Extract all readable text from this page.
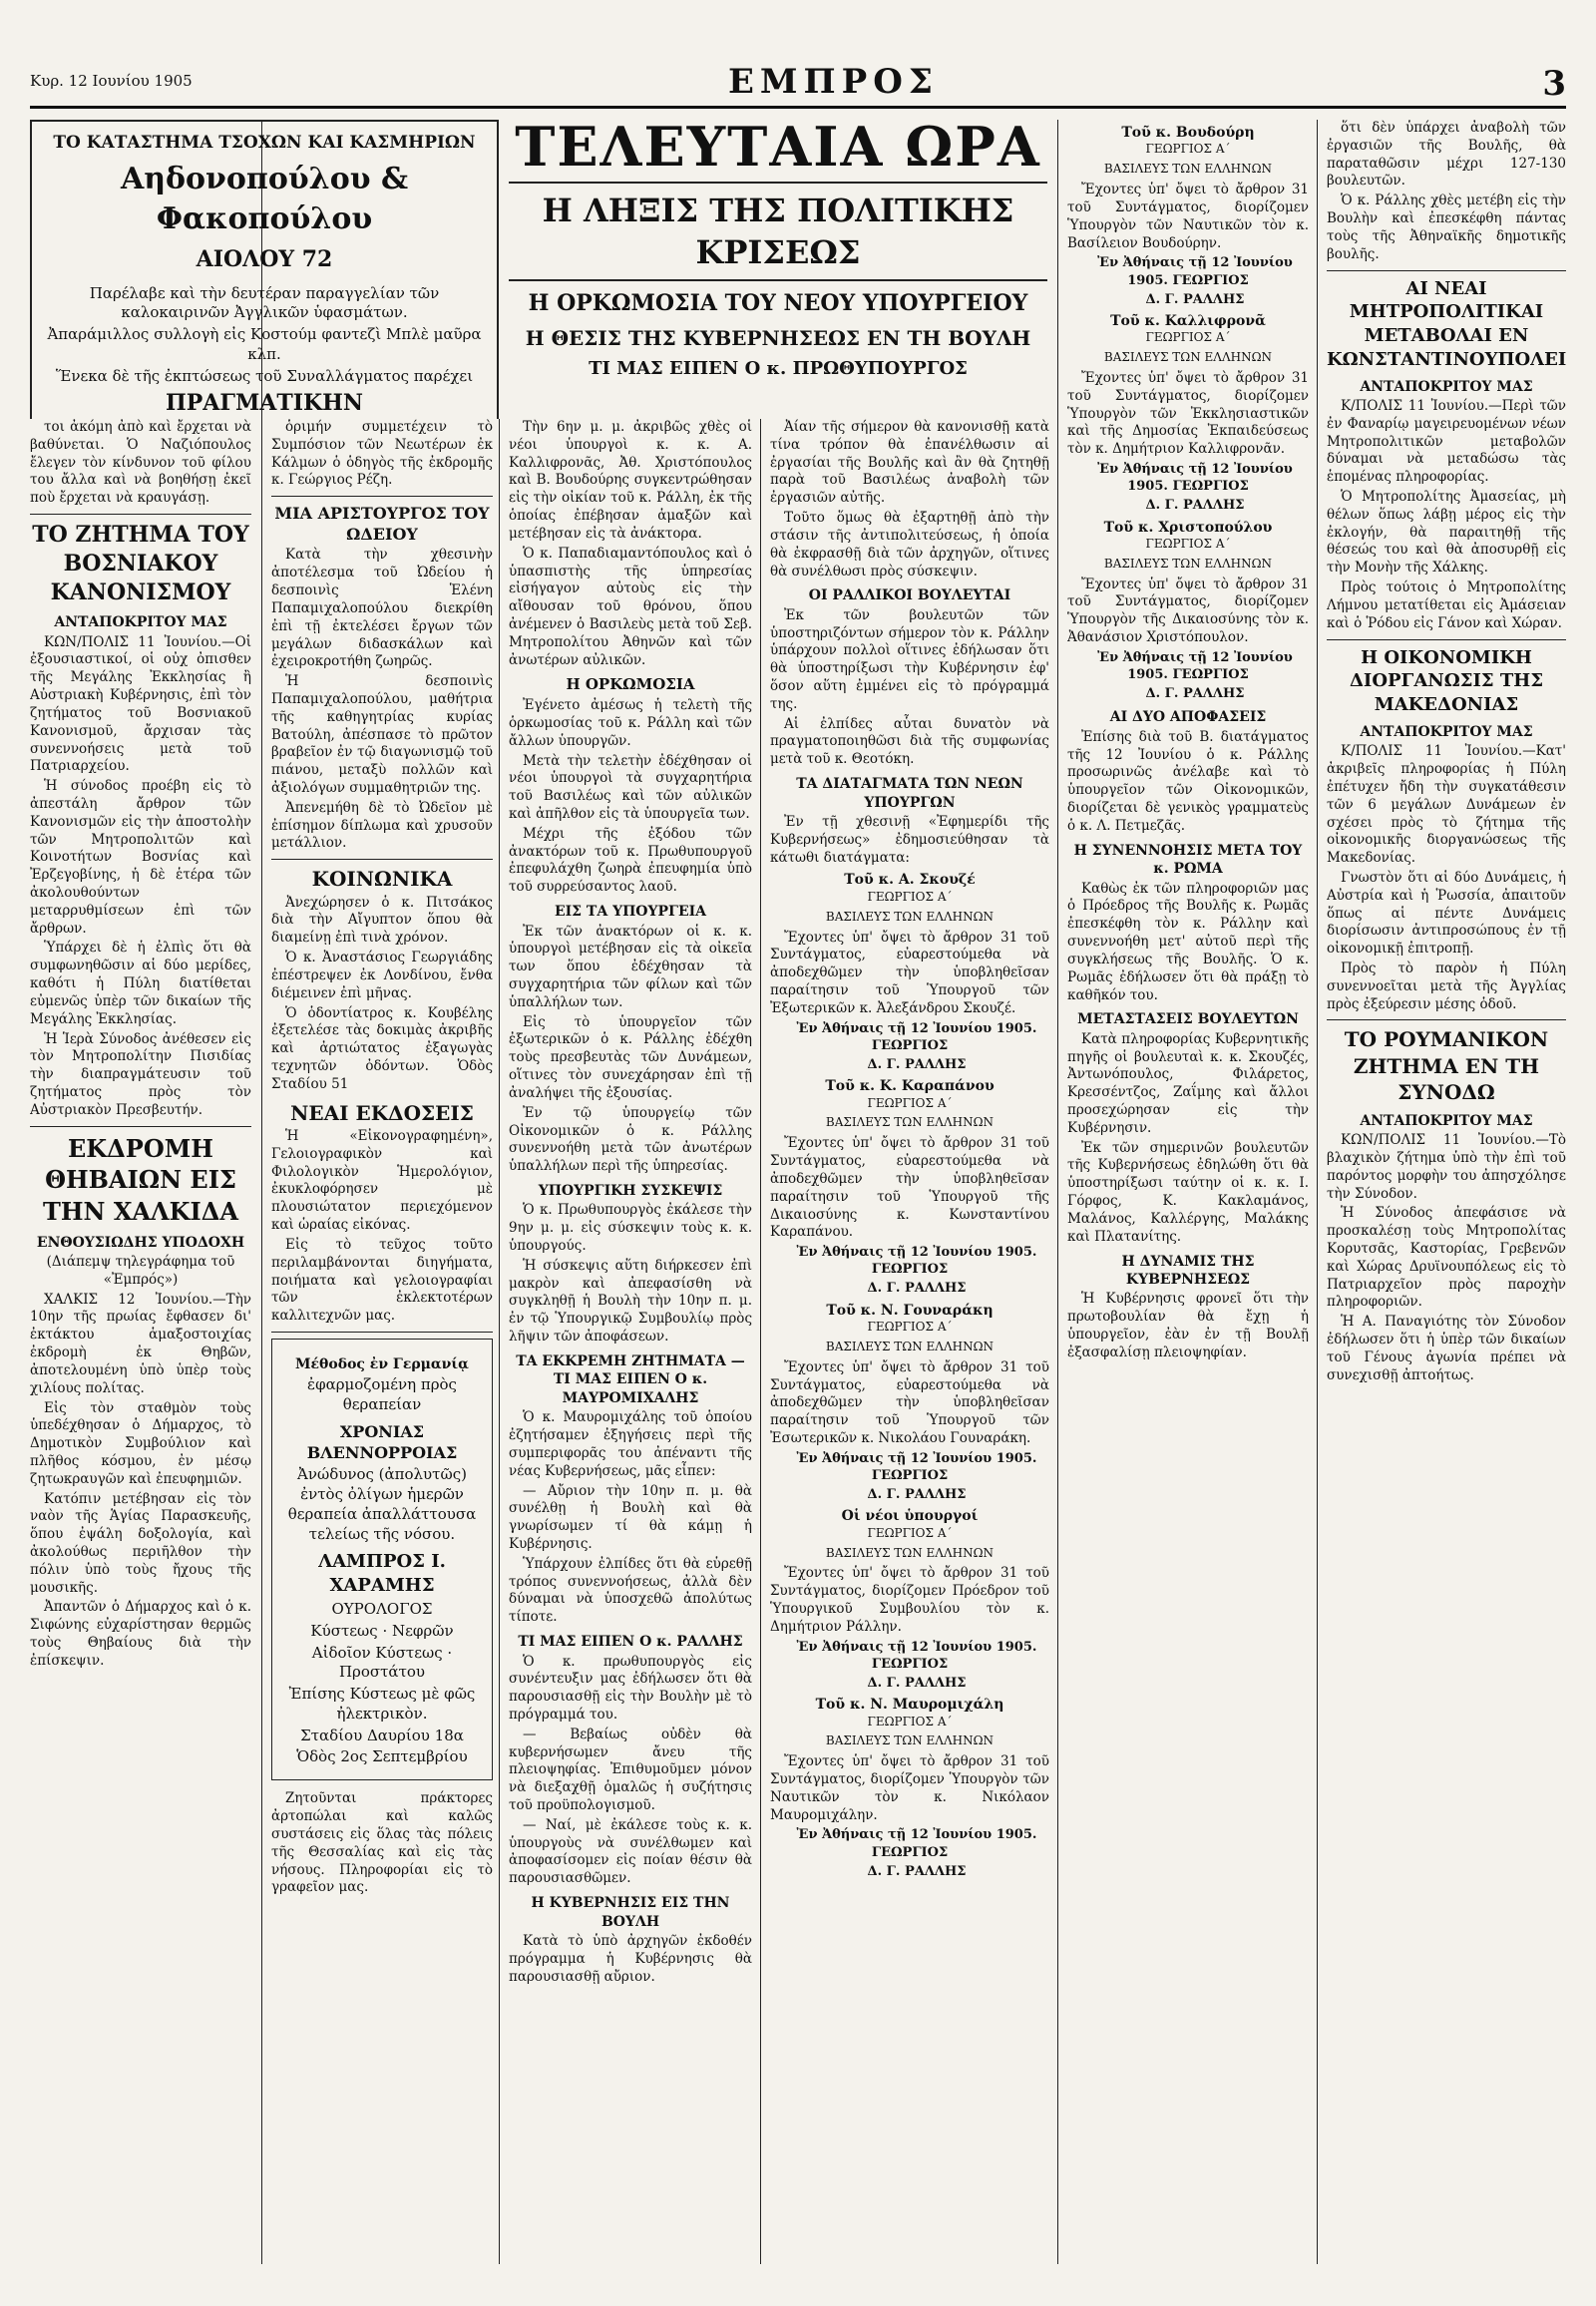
Κυρ. 12 Ιουνίου 1905	ΕΜΠΡΟΣ	3
ΤΟ ΚΑΤΑΣΤΗΜΑ ΤΣΟΧΩΝ ΚΑΙ ΚΑΣΜΗΡΙΩΝ
Αηδονοπούλου & Φακοπούλου
ΑΙΟΛΟΥ 72

Παρέλαβε καὶ τὴν δευτέραν παραγγελίαν τῶν καλοκαιρινῶν Ἀγγλικῶν ὑφασμάτων.

Ἀπαράμιλλος συλλογὴ εἰς Κοστούμ φαντεζὶ Μπλὲ μαῦρα κλπ.

Ἕνεκα δὲ τῆς ἐκπτώσεως τοῦ Συναλλάγματος παρέχει

ΠΡΑΓΜΑΤΙΚΗΝ

τοι ἀκόμη ἀπὸ καὶ ἔρχεται νὰ βαθύνεται. Ὁ Ναζιόπουλος ἔλεγεν τὸν κίνδυνον τοῦ φίλου του ἄλλα καὶ νὰ βοηθήσῃ ἐκεῖ ποὺ ἔρχεται νὰ κραυγάσῃ.

ΤΟ ΖΗΤΗΜΑ ΤΟΥ ΒΟΣΝΙΑΚΟΥ ΚΑΝΟΝΙΣΜΟΥ
ΑΝΤΑΠΟΚΡΙΤΟΥ ΜΑΣ

ΚΩΝ/ΠΟΛΙΣ 11 Ἰουνίου.—Οἱ ἐξουσιαστικοί, οἱ οὐχ ὀπισθεν τῆς Μεγάλης Ἐκκλησίας ἢ Αὐστριακὴ Κυβέρνησις, ἐπὶ τὸν ζητήματος τοῦ Βοσνιακοῦ Κανονισμοῦ, ἄρχισαν τὰς συνεννοήσεις μετὰ τοῦ Πατριαρχείου.

Ἡ σύνοδος προέβη εἰς τὸ ἀπεστάλη ἄρθρον τῶν Κανονισμῶν εἰς τὴν ἀποστολὴν τῶν Μητροπολιτῶν καὶ Κοινοτήτων Βοσνίας καὶ Ἐρζεγοβίνης, ἡ δὲ ἑτέρα τῶν ἀκολουθούντων μεταρρυθμίσεων ἐπὶ τῶν ἄρθρων.

Ὑπάρχει δὲ ἡ ἐλπὶς ὅτι θὰ συμφωνηθῶσιν αἱ δύο μερίδες, καθότι ἡ Πύλη διατίθεται εὐμενῶς ὑπὲρ τῶν δικαίων τῆς Μεγάλης Ἐκκλησίας.

Ἡ Ἱερὰ Σύνοδος ἀνέθεσεν εἰς τὸν Μητροπολίτην Πισιδίας τὴν διαπραγμάτευσιν τοῦ ζητήματος πρὸς τὸν Αὐστριακὸν Πρεσβευτήν.

ΕΚΔΡΟΜΗ ΘΗΒΑΙΩΝ ΕΙΣ ΤΗΝ ΧΑΛΚΙΔΑ
ΕΝΘΟΥΣΙΩΔΗΣ ΥΠΟΔΟΧΗ

(Διάπεμψ τηλεγράφημα τοῦ «Ἐμπρός»)

ΧΑΛΚΙΣ 12 Ἰουνίου.—Τὴν 10ην τῆς πρωίας ἔφθασεν δι' ἐκτάκτου ἁμαξοστοιχίας ἐκδρομὴ ἐκ Θηβῶν, ἀποτελουμένη ὑπὸ ὑπὲρ τοὺς χιλίους πολίτας.

Εἰς τὸν σταθμὸν τοὺς ὑπεδέχθησαν ὁ Δήμαρχος, τὸ Δημοτικὸν Συμβούλιον καὶ πλῆθος κόσμου, ἐν μέσῳ ζητωκραυγῶν καὶ ἐπευφημιῶν.

Κατόπιν μετέβησαν εἰς τὸν ναὸν τῆς Ἁγίας Παρασκευῆς, ὅπου ἐψάλη δοξολογία, καὶ ἀκολούθως περιῆλθον τὴν πόλιν ὑπὸ τοὺς ἤχους τῆς μουσικῆς.

Ἀπαντῶν ὁ Δήμαρχος καὶ ὁ κ. Σιφώνης εὐχαρίστησαν θερμῶς τοὺς Θηβαίους διὰ τὴν ἐπίσκεψιν.

ὁριμήν συμμετέχειν τὸ Συμπόσιον τῶν Νεωτέρων ἐκ Κάλμων ὁ ὁδηγὸς τῆς ἐκδρομῆς κ. Γεώργιος Ρέζη.

ΜΙΑ ΑΡΙΣΤΟΥΡΓΟΣ ΤΟΥ ΩΔΕΙΟΥ

Κατὰ τὴν χθεσινὴν ἀποτέλεσμα τοῦ Ὠδείου ἡ δεσποινὶς Ἑλένη Παπαμιχαλοπούλου διεκρίθη ἐπὶ τῇ ἐκτελέσει ἔργων τῶν μεγάλων διδασκάλων καὶ ἐχειροκροτήθη ζωηρῶς.

Ἡ δεσποινὶς Παπαμιχαλοπούλου, μαθήτρια τῆς καθηγητρίας κυρίας Βατούλη, ἀπέσπασε τὸ πρῶτον βραβεῖον ἐν τῷ διαγωνισμῷ τοῦ πιάνου, μεταξὺ πολλῶν καὶ ἀξιολόγων συμμαθητριῶν της.

Ἀπενεμήθη δὲ τὸ Ὠδεῖον μὲ ἐπίσημον δίπλωμα καὶ χρυσοῦν μετάλλιον.

ΚΟΙΝΩΝΙΚΑ

Ἀνεχώρησεν ὁ κ. Πιτσάκος διὰ τὴν Αἴγυπτον ὅπου θὰ διαμείνῃ ἐπὶ τινὰ χρόνον.

Ὁ κ. Ἀναστάσιος Γεωργιάδης ἐπέστρεψεν ἐκ Λονδίνου, ἔνθα διέμεινεν ἐπὶ μῆνας.

Ὁ ὁδοντίατρος κ. Κουβέλης ἐξετελέσε τὰς δοκιμὰς ἀκριβῆς καὶ ἀρτιώτατος ἐξαγωγὰς τεχνητῶν ὀδόντων. Ὁδὸς Σταδίου 51

ΝΕΑΙ ΕΚΔΟΣΕΙΣ

Ἡ «Εἰκονογραφημένη», Γελοιογραφικὸν καὶ Φιλολογικὸν Ἡμερολόγιον, ἐκυκλοφόρησεν μὲ πλουσιώτατον περιεχόμενον καὶ ὡραίας εἰκόνας.

Εἰς τὸ τεῦχος τοῦτο περιλαμβάνονται διηγήματα, ποιήματα καὶ γελοιογραφίαι τῶν ἐκλεκτοτέρων καλλιτεχνῶν μας.

Μέθοδος ἐν Γερμανίᾳ

ἐφαρμοζομένη πρὸς θεραπείαν

ΧΡΟΝΙΑΣ ΒΛΕΝΝΟΡΡΟΙΑΣ

Ἀνώδυνος (ἀπολυτῶς) ἐντὸς ὀλίγων ἡμερῶν θεραπεία ἀπαλλάττουσα τελείως τῆς νόσου.

ΛΑΜΠΡΟΣ Ι. ΧΑΡΑΜΗΣ

ΟΥΡΟΛΟΓΟΣ

Κύστεως · Νεφρῶν

Αἰδοῖον Κύστεως · Προστάτου

Ἐπίσης Κύστεως μὲ φῶς ἠλεκτρικὸν.

Σταδίου Δαυρίου 18α

Ὁδὸς 2ος Σεπτεμβρίου

Ζητοῦνται πράκτορες ἀρτοπώλαι καὶ καλῶς συστάσεις εἰς ὅλας τὰς πόλεις τῆς Θεσσαλίας καὶ εἰς τὰς νήσους. Πληροφορίαι εἰς τὸ γραφεῖον μας.

ΤΕΛΕΥΤΑΙΑ ΩΡΑ
Η ΛΗΞΙΣ ΤΗΣ ΠΟΛΙΤΙΚΗΣ ΚΡΙΣΕΩΣ
Η ΟΡΚΩΜΟΣΙΑ ΤΟΥ ΝΕΟΥ ΥΠΟΥΡΓΕΙΟΥ
Η ΘΕΣΙΣ ΤΗΣ ΚΥΒΕΡΝΗΣΕΩΣ ΕΝ ΤΗ ΒΟΥΛΗ
ΤΙ ΜΑΣ ΕΙΠΕΝ Ο κ. ΠΡΩΘΥΠΟΥΡΓΟΣ

Τὴν 6ην μ. μ. ἀκριβῶς χθὲς οἱ νέοι ὑπουργοὶ κ. κ. Α. Καλλιφρονᾶς, Ἀθ. Χριστόπουλος καὶ Β. Βουδούρης συγκεντρώθησαν εἰς τὴν οἰκίαν τοῦ κ. Ράλλη, ἐκ τῆς ὁποίας ἐπέβησαν ἁμαξῶν καὶ μετέβησαν εἰς τὰ ἀνάκτορα.

Ὁ κ. Παπαδιαμαντόπουλος καὶ ὁ ὑπασπιστὴς τῆς ὑπηρεσίας εἰσήγαγον αὐτοὺς εἰς τὴν αἴθουσαν τοῦ θρόνου, ὅπου ἀνέμενεν ὁ Βασιλεὺς μετὰ τοῦ Σεβ. Μητροπολίτου Ἀθηνῶν καὶ τῶν ἀνωτέρων αὐλικῶν.

Η ΟΡΚΩΜΟΣΙΑ

Ἐγένετο ἀμέσως ἡ τελετὴ τῆς ὁρκωμοσίας τοῦ κ. Ράλλη καὶ τῶν ἄλλων ὑπουργῶν.

Μετὰ τὴν τελετὴν ἐδέχθησαν οἱ νέοι ὑπουργοὶ τὰ συγχαρητήρια τοῦ Βασιλέως καὶ τῶν αὐλικῶν καὶ ἀπῆλθον εἰς τὰ ὑπουργεῖα των.

Μέχρι τῆς ἐξόδου τῶν ἀνακτόρων τοῦ κ. Πρωθυπουργοῦ ἐπεφυλάχθη ζωηρὰ ἐπευφημία ὑπὸ τοῦ συρρεύσαντος λαοῦ.

ΕΙΣ ΤΑ ΥΠΟΥΡΓΕΙΑ

Ἐκ τῶν ἀνακτόρων οἱ κ. κ. ὑπουργοὶ μετέβησαν εἰς τὰ οἰκεῖα των ὅπου ἐδέχθησαν τὰ συγχαρητήρια τῶν φίλων καὶ τῶν ὑπαλλήλων των.

Εἰς τὸ ὑπουργεῖον τῶν ἐξωτερικῶν ὁ κ. Ράλλης ἐδέχθη τοὺς πρεσβευτὰς τῶν Δυνάμεων, οἵτινες τὸν συνεχάρησαν ἐπὶ τῇ ἀναλήψει τῆς ἐξουσίας.

Ἐν τῷ ὑπουργείῳ τῶν Οἰκονομικῶν ὁ κ. Ράλλης συνεννοήθη μετὰ τῶν ἀνωτέρων ὑπαλλήλων περὶ τῆς ὑπηρεσίας.

ΥΠΟΥΡΓΙΚΗ ΣΥΣΚΕΨΙΣ

Ὁ κ. Πρωθυπουργὸς ἐκάλεσε τὴν 9ην μ. μ. εἰς σύσκεψιν τοὺς κ. κ. ὑπουργούς.

Ἡ σύσκεψις αὕτη διήρκεσεν ἐπὶ μακρὸν καὶ ἀπεφασίσθη νὰ συγκληθῇ ἡ Βουλὴ τὴν 10ην π. μ. ἐν τῷ Ὑπουργικῷ Συμβουλίῳ πρὸς λῆψιν τῶν ἀποφάσεων.

ΤΑ ΕΚΚΡΕΜΗ ΖΗΤΗΜΑΤΑ — ΤΙ ΜΑΣ ΕΙΠΕΝ Ο κ. ΜΑΥΡΟΜΙΧΑΛΗΣ

Ὁ κ. Μαυρομιχάλης τοῦ ὁποίου ἐζητήσαμεν ἐξηγήσεις περὶ τῆς συμπεριφορᾶς του ἀπέναντι τῆς νέας Κυβερνήσεως, μᾶς εἶπεν:

— Αὔριον τὴν 10ην π. μ. θὰ συνέλθῃ ἡ Βουλὴ καὶ θὰ γνωρίσωμεν τί θὰ κάμῃ ἡ Κυβέρνησις.

Ὑπάρχουν ἐλπίδες ὅτι θὰ εὑρεθῇ τρόπος συνεννοήσεως, ἀλλὰ δὲν δύναμαι νὰ ὑποσχεθῶ ἀπολύτως τίποτε.

ΤΙ ΜΑΣ ΕΙΠΕΝ Ο κ. ΡΑΛΛΗΣ

Ὁ κ. πρωθυπουργὸς εἰς συνέντευξιν μας ἐδήλωσεν ὅτι θὰ παρουσιασθῇ εἰς τὴν Βουλὴν μὲ τὸ πρόγραμμά του.

— Βεβαίως οὐδὲν θὰ κυβερνήσωμεν ἄνευ τῆς πλειοψηφίας. Ἐπιθυμοῦμεν μόνον νὰ διεξαχθῇ ὁμαλῶς ἡ συζήτησις τοῦ προϋπολογισμοῦ.

— Ναί, μὲ ἐκάλεσε τοὺς κ. κ. ὑπουργοὺς νὰ συνέλθωμεν καὶ ἀποφασίσομεν εἰς ποίαν θέσιν θὰ παρουσιασθῶμεν.

Η ΚΥΒΕΡΝΗΣΙΣ ΕΙΣ ΤΗΝ ΒΟΥΛΗ

Κατὰ τὸ ὑπὸ ἀρχηγῶν ἐκδοθέν πρόγραμμα ἡ Κυβέρνησις θὰ παρουσιασθῇ αὔριον.

Ἀίαν τῆς σήμερον θὰ κανονισθῇ κατὰ τίνα τρόπον θὰ ἐπανέλθωσιν αἱ ἐργασίαι τῆς Βουλῆς καὶ ἂν θὰ ζητηθῇ παρὰ τοῦ Βασιλέως ἀναβολὴ τῶν ἐργασιῶν αὐτῆς.

Τοῦτο ὅμως θὰ ἐξαρτηθῇ ἀπὸ τὴν στάσιν τῆς ἀντιπολιτεύσεως, ἡ ὁποία θὰ ἐκφρασθῇ διὰ τῶν ἀρχηγῶν, οἵτινες θὰ συνέλθωσι πρὸς σύσκεψιν.

ΟΙ ΡΑΛΛΙΚΟΙ ΒΟΥΛΕΥΤΑΙ

Ἐκ τῶν βουλευτῶν τῶν ὑποστηριζόντων σήμερον τὸν κ. Ράλλην ὑπάρχουν πολλοὶ οἵτινες ἐδήλωσαν ὅτι θὰ ὑποστηρίξωσι τὴν Κυβέρνησιν ἐφ' ὅσον αὕτη ἐμμένει εἰς τὸ πρόγραμμά της.

Αἱ ἐλπίδες αὗται δυνατὸν νὰ πραγματοποιηθῶσι διὰ τῆς συμφωνίας μετὰ τοῦ κ. Θεοτόκη.

ΤΑ ΔΙΑΤΑΓΜΑΤΑ ΤΩΝ ΝΕΩΝ ΥΠΟΥΡΓΩΝ

Ἐν τῇ χθεσινῇ «Ἐφημερίδι τῆς Κυβερνήσεως» ἐδημοσιεύθησαν τὰ κάτωθι διατάγματα:

Τοῦ κ. Α. Σκουζέ
ΓΕΩΡΓΙΟΣ Α΄
ΒΑΣΙΛΕΥΣ ΤΩΝ ΕΛΛΗΝΩΝ

Ἔχοντες ὑπ' ὄψει τὸ ἄρθρον 31 τοῦ Συντάγματος, εὐαρεστούμεθα νὰ ἀποδεχθῶμεν τὴν ὑποβληθεῖσαν παραίτησιν τοῦ Ὑπουργοῦ τῶν Ἐξωτερικῶν κ. Ἀλεξάνδρου Σκουζέ.

Ἐν Ἀθήναις τῇ 12 Ἰουνίου 1905. ΓΕΩΡΓΙΟΣ

Δ. Γ. ΡΑΛΛΗΣ

Τοῦ κ. Κ. Καραπάνου
ΓΕΩΡΓΙΟΣ Α΄
ΒΑΣΙΛΕΥΣ ΤΩΝ ΕΛΛΗΝΩΝ

Ἔχοντες ὑπ' ὄψει τὸ ἄρθρον 31 τοῦ Συντάγματος, εὐαρεστούμεθα νὰ ἀποδεχθῶμεν τὴν ὑποβληθεῖσαν παραίτησιν τοῦ Ὑπουργοῦ τῆς Δικαιοσύνης κ. Κωνσταντίνου Καραπάνου.

Ἐν Ἀθήναις τῇ 12 Ἰουνίου 1905. ΓΕΩΡΓΙΟΣ

Δ. Γ. ΡΑΛΛΗΣ

Τοῦ κ. Ν. Γουναράκη
ΓΕΩΡΓΙΟΣ Α΄
ΒΑΣΙΛΕΥΣ ΤΩΝ ΕΛΛΗΝΩΝ

Ἔχοντες ὑπ' ὄψει τὸ ἄρθρον 31 τοῦ Συντάγματος, εὐαρεστούμεθα νὰ ἀποδεχθῶμεν τὴν ὑποβληθεῖσαν παραίτησιν τοῦ Ὑπουργοῦ τῶν Ἐσωτερικῶν κ. Νικολάου Γουναράκη.

Ἐν Ἀθήναις τῇ 12 Ἰουνίου 1905. ΓΕΩΡΓΙΟΣ

Δ. Γ. ΡΑΛΛΗΣ

Οἱ νέοι ὑπουργοί
ΓΕΩΡΓΙΟΣ Α΄
ΒΑΣΙΛΕΥΣ ΤΩΝ ΕΛΛΗΝΩΝ

Ἔχοντες ὑπ' ὄψει τὸ ἄρθρον 31 τοῦ Συντάγματος, διορίζομεν Πρόεδρον τοῦ Ὑπουργικοῦ Συμβουλίου τὸν κ. Δημήτριον Ράλλην.

Ἐν Ἀθήναις τῇ 12 Ἰουνίου 1905. ΓΕΩΡΓΙΟΣ

Δ. Γ. ΡΑΛΛΗΣ

Τοῦ κ. Ν. Μαυρομιχάλη
ΓΕΩΡΓΙΟΣ Α΄
ΒΑΣΙΛΕΥΣ ΤΩΝ ΕΛΛΗΝΩΝ

Ἔχοντες ὑπ' ὄψει τὸ ἄρθρον 31 τοῦ Συντάγματος, διορίζομεν Ὑπουργὸν τῶν Ναυτικῶν τὸν κ. Νικόλαον Μαυρομιχάλην.

Ἐν Ἀθήναις τῇ 12 Ἰουνίου 1905. ΓΕΩΡΓΙΟΣ

Δ. Γ. ΡΑΛΛΗΣ

Τοῦ κ. Βουδούρη
ΓΕΩΡΓΙΟΣ Α΄
ΒΑΣΙΛΕΥΣ ΤΩΝ ΕΛΛΗΝΩΝ

Ἔχοντες ὑπ' ὄψει τὸ ἄρθρον 31 τοῦ Συντάγματος, διορίζομεν Ὑπουργὸν τῶν Ναυτικῶν τὸν κ. Βασίλειον Βουδούρην.

Ἐν Ἀθήναις τῇ 12 Ἰουνίου 1905. ΓΕΩΡΓΙΟΣ

Δ. Γ. ΡΑΛΛΗΣ

Τοῦ κ. Καλλιφρονᾶ
ΓΕΩΡΓΙΟΣ Α΄
ΒΑΣΙΛΕΥΣ ΤΩΝ ΕΛΛΗΝΩΝ

Ἔχοντες ὑπ' ὄψει τὸ ἄρθρον 31 τοῦ Συντάγματος, διορίζομεν Ὑπουργὸν τῶν Ἐκκλησιαστικῶν καὶ τῆς Δημοσίας Ἐκπαιδεύσεως τὸν κ. Δημήτριον Καλλιφρονᾶν.

Ἐν Ἀθήναις τῇ 12 Ἰουνίου 1905. ΓΕΩΡΓΙΟΣ

Δ. Γ. ΡΑΛΛΗΣ

Τοῦ κ. Χριστοπούλου
ΓΕΩΡΓΙΟΣ Α΄
ΒΑΣΙΛΕΥΣ ΤΩΝ ΕΛΛΗΝΩΝ

Ἔχοντες ὑπ' ὄψει τὸ ἄρθρον 31 τοῦ Συντάγματος, διορίζομεν Ὑπουργὸν τῆς Δικαιοσύνης τὸν κ. Ἀθανάσιον Χριστόπουλον.

Ἐν Ἀθήναις τῇ 12 Ἰουνίου 1905. ΓΕΩΡΓΙΟΣ

Δ. Γ. ΡΑΛΛΗΣ

ΑΙ ΔΥΟ ΑΠΟΦΑΣΕΙΣ

Ἐπίσης διὰ τοῦ Β. διατάγματος τῆς 12 Ἰουνίου ὁ κ. Ράλλης προσωρινῶς ἀνέλαβε καὶ τὸ ὑπουργεῖον τῶν Οἰκονομικῶν, διορίζεται δὲ γενικὸς γραμματεὺς ὁ κ. Λ. Πετμεζᾶς.

Η ΣΥΝΕΝΝΟΗΣΙΣ ΜΕΤΑ ΤΟΥ κ. ΡΩΜΑ

Καθὼς ἐκ τῶν πληροφοριῶν μας ὁ Πρόεδρος τῆς Βουλῆς κ. Ρωμᾶς ἐπεσκέφθη τὸν κ. Ράλλην καὶ συνεννοήθη μετ' αὐτοῦ περὶ τῆς συγκλήσεως τῆς Βουλῆς. Ὁ κ. Ρωμᾶς ἐδήλωσεν ὅτι θὰ πράξῃ τὸ καθῆκόν του.

ΜΕΤΑΣΤΑΣΕΙΣ ΒΟΥΛΕΥΤΩΝ

Κατὰ πληροφορίας Κυβερνητικῆς πηγῆς οἱ βουλευταὶ κ. κ. Σκουζές, Ἀντωνόπουλος, Φιλάρετος, Κρεσσέντζος, Ζαΐμης καὶ ἄλλοι προσεχώρησαν εἰς τὴν Κυβέρνησιν.

Ἐκ τῶν σημερινῶν βουλευτῶν τῆς Κυβερνήσεως ἐδηλώθη ὅτι θὰ ὑποστηρίξωσι ταύτην οἱ κ. κ. Ι. Γόρφος, Κ. Κακλαμάνος, Μαλάνος, Καλλέργης, Μαλάκης καὶ Πλατανίτης.

Η ΔΥΝΑΜΙΣ ΤΗΣ ΚΥΒΕΡΝΗΣΕΩΣ

Ἡ Κυβέρνησις φρονεῖ ὅτι τὴν πρωτοβουλίαν θὰ ἔχῃ ἡ ὑπουργεῖον, ἐὰν ἐν τῇ Βουλῇ ἐξασφαλίσῃ πλειοψηφίαν.

ὅτι δὲν ὑπάρχει ἀναβολὴ τῶν ἐργασιῶν τῆς Βουλῆς, θὰ παραταθῶσιν μέχρι 127-130 βουλευτῶν.

Ὁ κ. Ράλλης χθὲς μετέβη εἰς τὴν Βουλὴν καὶ ἐπεσκέφθη πάντας τοὺς τῆς Ἀθηναϊκῆς δημοτικῆς βουλῆς.

ΑΙ ΝΕΑΙ ΜΗΤΡΟΠΟΛΙΤΙΚΑΙ ΜΕΤΑΒΟΛΑΙ ΕΝ ΚΩΝΣΤΑΝΤΙΝΟΥΠΟΛΕΙ
ΑΝΤΑΠΟΚΡΙΤΟΥ ΜΑΣ

Κ/ΠΟΛΙΣ 11 Ἰουνίου.—Περὶ τῶν ἐν Φαναρίῳ μαγειρευομένων νέων Μητροπολιτικῶν μεταβολῶν δύναμαι νὰ μεταδώσω τὰς ἑπομένας πληροφορίας.

Ὁ Μητροπολίτης Ἀμασείας, μὴ θέλων ὅπως λάβῃ μέρος εἰς τὴν ἐκλογήν, θὰ παραιτηθῇ τῆς θέσεώς του καὶ θὰ ἀποσυρθῇ εἰς τὴν Μονὴν τῆς Χάλκης.

Πρὸς τούτοις ὁ Μητροπολίτης Λήμνου μετατίθεται εἰς Ἀμάσειαν καὶ ὁ Ῥόδου εἰς Γάνον καὶ Χώραν.

Η ΟΙΚΟΝΟΜΙΚΗ ΔΙΟΡΓΑΝΩΣΙΣ ΤΗΣ ΜΑΚΕΔΟΝΙΑΣ
ΑΝΤΑΠΟΚΡΙΤΟΥ ΜΑΣ

Κ/ΠΟΛΙΣ 11 Ἰουνίου.—Κατ' ἀκριβεῖς πληροφορίας ἡ Πύλη ἐπέτυχεν ἤδη τὴν συγκατάθεσιν τῶν 6 μεγάλων Δυνάμεων ἐν σχέσει πρὸς τὸ ζήτημα τῆς οἰκονομικῆς διοργανώσεως τῆς Μακεδονίας.

Γνωστὸν ὅτι αἱ δύο Δυνάμεις, ἡ Αὐστρία καὶ ἡ Ῥωσσία, ἀπαιτοῦν ὅπως αἱ πέντε Δυνάμεις διορίσωσιν ἀντιπροσώπους ἐν τῇ οἰκονομικῇ ἐπιτροπῇ.

Πρὸς τὸ παρὸν ἡ Πύλη συνεννοεῖται μετὰ τῆς Ἀγγλίας πρὸς ἐξεύρεσιν μέσης ὁδοῦ.

ΤΟ ΡΟΥΜΑΝΙΚΟΝ ΖΗΤΗΜΑ ΕΝ ΤΗ ΣΥΝΟΔΩ
ΑΝΤΑΠΟΚΡΙΤΟΥ ΜΑΣ

ΚΩΝ/ΠΟΛΙΣ 11 Ἰουνίου.—Τὸ βλαχικὸν ζήτημα ὑπὸ τὴν ἐπὶ τοῦ παρόντος μορφὴν του ἀπησχόλησε τὴν Σύνοδον.

Ἡ Σύνοδος ἀπεφάσισε νὰ προσκαλέσῃ τοὺς Μητροπολίτας Κορυτσᾶς, Καστορίας, Γρεβενῶν καὶ Χώρας Δρυϊνουπόλεως εἰς τὸ Πατριαρχεῖον πρὸς παροχὴν πληροφοριῶν.

Ἡ Α. Παναγιότης τὸν Σύνοδον ἐδήλωσεν ὅτι ἡ ὑπὲρ τῶν δικαίων τοῦ Γένους ἀγωνία πρέπει νὰ συνεχισθῇ ἀπτοήτως.
